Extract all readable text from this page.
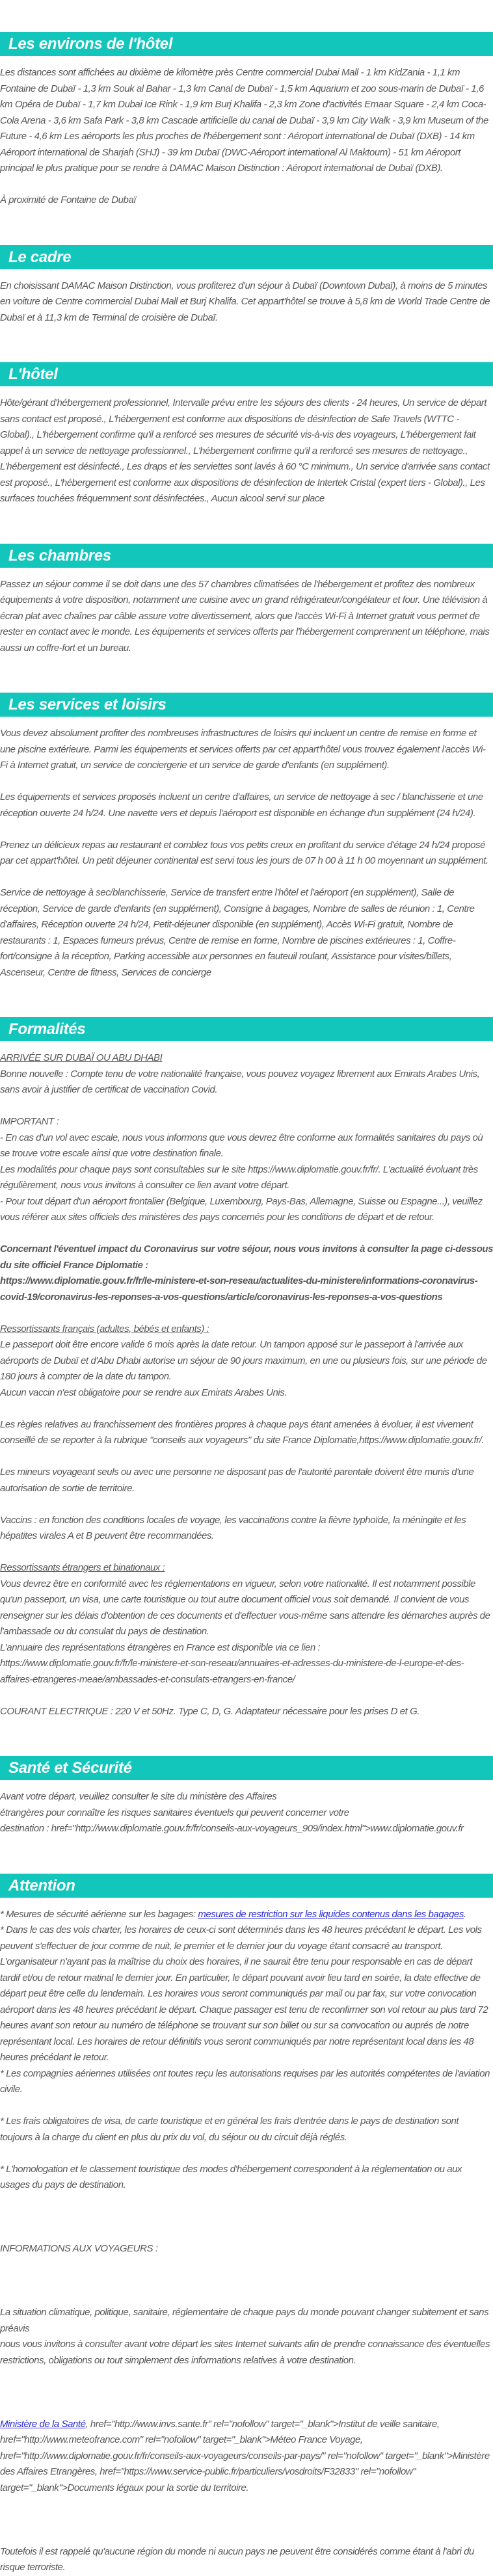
Les environs de l'hôtel

Les distances sont affichées au dixième de kilomètre près Centre commercial Dubai Mall - 1 km KidZania - 1,1 km Fontaine de Dubaï - 1,3 km Souk al Bahar - 1,3 km Canal de Dubaï - 1,5 km Aquarium et zoo sous-marin de Dubaï - 1,6 km Opéra de Dubaï - 1,7 km Dubai Ice Rink - 1,9 km Burj Khalifa - 2,3 km Zone d'activités Emaar Square - 2,4 km Coca-Cola Arena - 3,6 km Safa Park - 3,8 km Cascade artificielle du canal de Dubaï - 3,9 km City Walk - 3,9 km Museum of the Future - 4,6 km Les aéroports les plus proches de l'hébergement sont : Aéroport international de Dubaï (DXB) - 14 km Aéroport international de Sharjah (SHJ) - 39 km Dubaï (DWC-Aéroport international Al Maktoum) - 51 km Aéroport principal le plus pratique pour se rendre à DAMAC Maison Distinction : Aéroport international de Dubaï (DXB).

À proximité de Fontaine de Dubaï

Le cadre

En choisissant DAMAC Maison Distinction, vous profiterez d'un séjour à Dubaï (Downtown Dubaï), à moins de 5 minutes en voiture de Centre commercial Dubai Mall et Burj Khalifa. Cet appart'hôtel se trouve à 5,8 km de World Trade Centre de Dubaï et à 11,3 km de Terminal de croisière de Dubaï.

L'hôtel

Hôte/gérant d'hébergement professionnel, Intervalle prévu entre les séjours des clients - 24 heures, Un service de départ sans contact est proposé., L'hébergement est conforme aux dispositions de désinfection de Safe Travels (WTTC - Global)., L'hébergement confirme qu'il a renforcé ses mesures de sécurité vis-à-vis des voyageurs, L'hébergement fait appel à un service de nettoyage professionnel., L'hébergement confirme qu'il a renforcé ses mesures de nettoyage., L'hébergement est désinfecté., Les draps et les serviettes sont lavés à 60 °C minimum., Un service d'arrivée sans contact est proposé., L'hébergement est conforme aux dispositions de désinfection de Intertek Cristal (expert tiers - Global)., Les surfaces touchées fréquemment sont désinfectées., Aucun alcool servi sur place

Les chambres

Passez un séjour comme il se doit dans une des 57 chambres climatisées de l'hébergement et profitez des nombreux équipements à votre disposition, notamment une cuisine avec un grand réfrigérateur/congélateur et four. Une télévision à écran plat avec chaînes par câble assure votre divertissement, alors que l'accès Wi-Fi à Internet gratuit vous permet de rester en contact avec le monde. Les équipements et services offerts par l'hébergement comprennent un téléphone, mais aussi un coffre-fort et un bureau.

Les services et loisirs

Vous devez absolument profiter des nombreuses infrastructures de loisirs qui incluent un centre de remise en forme et une piscine extérieure. Parmi les équipements et services offerts par cet appart'hôtel vous trouvez également l'accès Wi-Fi à Internet gratuit, un service de conciergerie et un service de garde d'enfants (en supplément).

Les équipements et services proposés incluent un centre d'affaires, un service de nettoyage à sec / blanchisserie et une réception ouverte 24 h/24. Une navette vers et depuis l'aéroport est disponible en échange d'un supplément (24 h/24).

Prenez un délicieux repas au restaurant et comblez tous vos petits creux en profitant du service d'étage 24 h/24 proposé par cet appart'hôtel. Un petit déjeuner continental est servi tous les jours de 07 h 00 à 11 h 00 moyennant un supplément.

Service de nettoyage à sec/blanchisserie, Service de transfert entre l'hôtel et l'aéroport (en supplément), Salle de réception, Service de garde d'enfants (en supplément), Consigne à bagages, Nombre de salles de réunion : 1, Centre d'affaires, Réception ouverte 24 h/24, Petit-déjeuner disponible (en supplément), Accès Wi-Fi gratuit, Nombre de restaurants : 1, Espaces fumeurs prévus, Centre de remise en forme, Nombre de piscines extérieures : 1, Coffre-fort/consigne à la réception, Parking accessible aux personnes en fauteuil roulant, Assistance pour visites/billets, Ascenseur, Centre de fitness, Services de concierge

Formalités

ARRIVÉE SUR DUBAÏ OU ABU DHABI

Bonne nouvelle : Compte tenu de votre nationalité française, vous pouvez voyagez librement aux Emirats Arabes Unis, sans avoir à justifier de certificat de vaccination Covid.

IMPORTANT :

- En cas d'un vol avec escale, nous vous informons que vous devrez être conforme aux formalités sanitaires du pays où se trouve votre escale ainsi que votre destination finale.

Les modalités pour chaque pays sont consultables sur le site https://www.diplomatie.gouv.fr/fr/. L'actualité évoluant très régulièrement, nous vous invitons à consulter ce lien avant votre départ.

- Pour tout départ d'un aéroport frontalier (Belgique, Luxembourg, Pays-Bas, Allemagne, Suisse ou Espagne...), veuillez vous référer aux sites officiels des ministères des pays concernés pour les conditions de départ et de retour.

Concernant l'éventuel impact du Coronavirus sur votre séjour, nous vous invitons à consulter la page ci-dessous du site officiel France Diplomatie :

https://www.diplomatie.gouv.fr/fr/le-ministere-et-son-reseau/actualites-du-ministere/informations-coronavirus-covid-19/coronavirus-les-reponses-a-vos-questions/article/coronavirus-les-reponses-a-vos-questions

Ressortissants français (adultes, bébés et enfants) :

Le passeport doit être encore valide 6 mois après la date retour. Un tampon apposé sur le passeport à l'arrivée aux aéroports de Dubaï et d'Abu Dhabi autorise un séjour de 90 jours maximum, en une ou plusieurs fois, sur une période de 180 jours à compter de la date du tampon.

Aucun vaccin n'est obligatoire pour se rendre aux Emirats Arabes Unis.

Les règles relatives au franchissement des frontières propres à chaque pays étant amenées à évoluer, il est vivement conseillé de se reporter à la rubrique "conseils aux voyageurs" du site France Diplomatie,https://www.diplomatie.gouv.fr/.

Les mineurs voyageant seuls ou avec une personne ne disposant pas de l'autorité parentale doivent être munis d'une autorisation de sortie de territoire.

Vaccins : en fonction des conditions locales de voyage, les vaccinations contre la fièvre typhoïde, la méningite et les hépatites virales A et B peuvent être recommandées.

Ressortissants étrangers et binationaux :

Vous devrez être en conformité avec les réglementations en vigueur, selon votre nationalité. Il est notamment possible qu'un passeport, un visa, une carte touristique ou tout autre document officiel vous soit demandé. Il convient de vous renseigner sur les délais d'obtention de ces documents et d'effectuer vous-même sans attendre les démarches auprès de l'ambassade ou du consulat du pays de destination.

L'annuaire des représentations étrangères en France est disponible via ce lien :

https://www.diplomatie.gouv.fr/fr/le-ministere-et-son-reseau/annuaires-et-adresses-du-ministere-de-l-europe-et-des-affaires-etrangeres-meae/ambassades-et-consulats-etrangers-en-france/

COURANT ELECTRIQUE : 220 V et 50Hz. Type C, D, G. Adaptateur nécessaire pour les prises D et G.

Santé et Sécurité

Avant votre départ, veuillez consulter le site du ministère des Affaires

étrangères pour connaître les risques sanitaires éventuels qui peuvent concerner votre

destination : href="http://www.diplomatie.gouv.fr/fr/conseils-aux-voyageurs_909/index.html">www.diplomatie.gouv.fr

Attention

* Mesures de sécurité aérienne sur les bagages: mesures de restriction sur les liquides contenus dans les bagages.

* Dans le cas des vols charter, les horaires de ceux-ci sont déterminés dans les 48 heures précédant le départ. Les vols peuvent s'effectuer de jour comme de nuit, le premier et le dernier jour du voyage étant consacré au transport. L'organisateur n'ayant pas la maîtrise du choix des horaires, il ne saurait être tenu pour responsable en cas de départ tardif et/ou de retour matinal le dernier jour. En particulier, le départ pouvant avoir lieu tard en soirée, la date effective de départ peut être celle du lendemain. Les horaires vous seront communiqués par mail ou par fax, sur votre convocation aéroport dans les 48 heures précédant le départ. Chaque passager est tenu de reconfirmer son vol retour au plus tard 72 heures avant son retour au numéro de téléphone se trouvant sur son billet ou sur sa convocation ou auprés de notre représentant local. Les horaires de retour définitifs vous seront communiqués par notre représentant local dans les 48 heures précédant le retour.

* Les compagnies aériennes utilisées ont toutes reçu les autorisations requises par les autorités compétentes de l'aviation civile.

* Les frais obligatoires de visa, de carte touristique et en général les frais d'entrée dans le pays de destination sont toujours à la charge du client en plus du prix du vol, du séjour ou du circuit déjà réglés.

* L'homologation et le classement touristique des modes d'hébergement correspondent à la réglementation ou aux usages du pays de destination.

INFORMATIONS AUX VOYAGEURS :

La situation climatique, politique, sanitaire, réglementaire de chaque pays du monde pouvant changer subitement et sans préavis

nous vous invitons à consulter avant votre départ les sites Internet suivants afin de prendre connaissance des éventuelles restrictions, obligations ou tout simplement des informations relatives à votre destination.

Ministère de la Santé, href="http://www.invs.sante.fr" rel="nofollow" target="_blank">Institut de veille sanitaire, href="http://www.meteofrance.com" rel="nofollow" target="_blank">Méteo France Voyage, href="http://www.diplomatie.gouv.fr/fr/conseils-aux-voyageurs/conseils-par-pays/" rel="nofollow" target="_blank">Ministère des Affaires Etrangères, href="https://www.service-public.fr/particuliers/vosdroits/F32833" rel="nofollow" target="_blank">Documents légaux pour la sortie du territoire.

Toutefois il est rappelé qu'aucune région du monde ni aucun pays ne peuvent être considérés comme étant à l'abri du risque terroriste.
